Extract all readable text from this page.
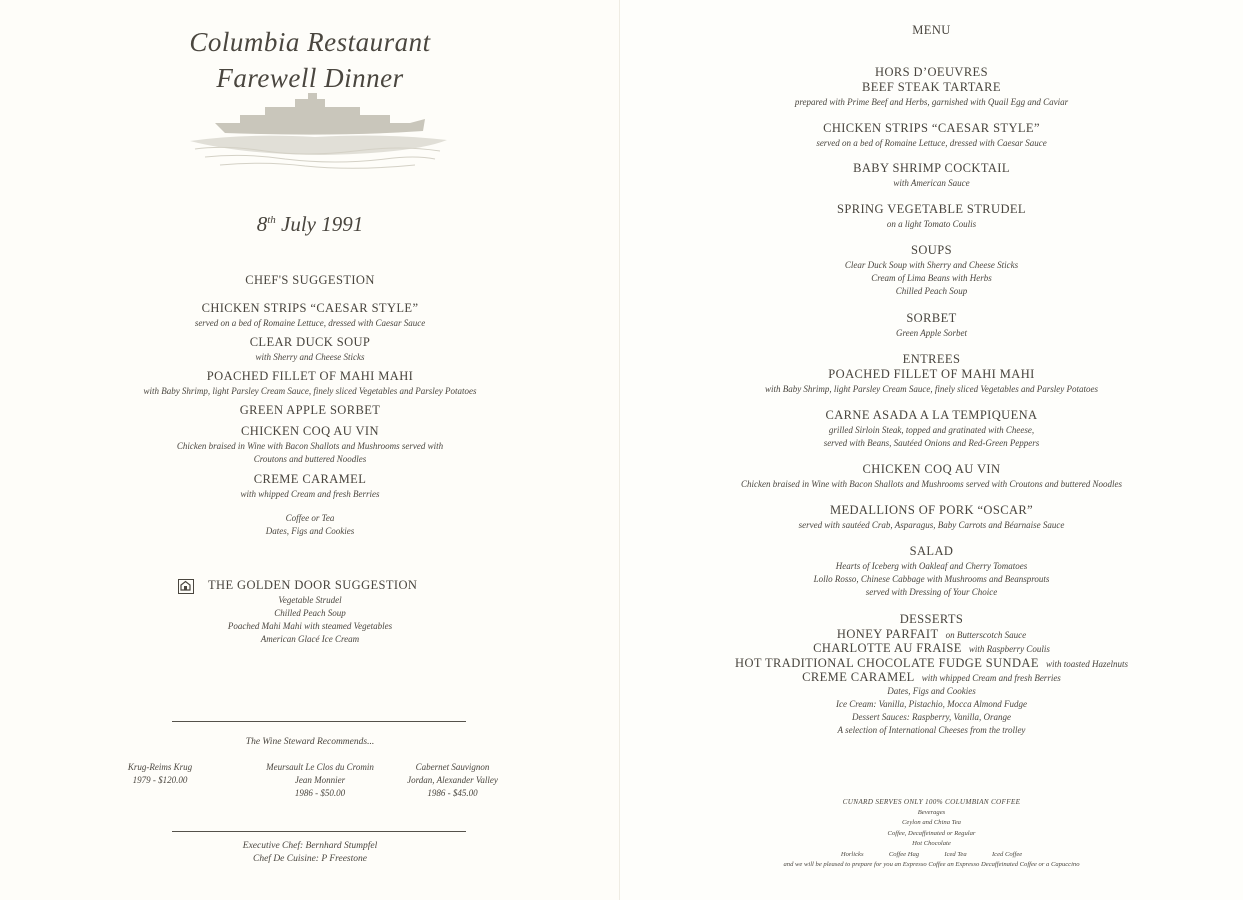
Columbia Restaurant
Farewell Dinner
8th July 1991
CHEF'S SUGGESTION
CHICKEN STRIPS “CAESAR STYLE”
served on a bed of Romaine Lettuce, dressed with Caesar Sauce
CLEAR DUCK SOUP
with Sherry and Cheese Sticks
POACHED FILLET OF MAHI MAHI
with Baby Shrimp, light Parsley Cream Sauce, finely sliced Vegetables and Parsley Potatoes
GREEN APPLE SORBET
CHICKEN COQ AU VIN
Chicken braised in Wine with Bacon Shallots and Mushrooms served with
Croutons and buttered Noodles
CREME CARAMEL
with whipped Cream and fresh Berries
Coffee or Tea
Dates, Figs and Cookies
THE GOLDEN DOOR SUGGESTION
Vegetable Strudel
Chilled Peach Soup
Poached Mahi Mahi with steamed Vegetables
American Glacé Ice Cream
The Wine Steward Recommends...
Krug-Reims Krug
1979 - $120.00
Meursault Le Clos du Cromin
Jean Monnier
1986 - $50.00
Cabernet Sauvignon
Jordan, Alexander Valley
1986 - $45.00
Executive Chef: Bernhard Stumpfel
Chef De Cuisine: P Freestone
MENU
HORS D’OEUVRES
BEEF STEAK TARTARE
prepared with Prime Beef and Herbs, garnished with Quail Egg and Caviar
CHICKEN STRIPS “CAESAR STYLE”
served on a bed of Romaine Lettuce, dressed with Caesar Sauce
BABY SHRIMP COCKTAIL
with American Sauce
SPRING VEGETABLE STRUDEL
on a light Tomato Coulis
SOUPS
Clear Duck Soup with Sherry and Cheese Sticks
Cream of Lima Beans with Herbs
Chilled Peach Soup
SORBET
Green Apple Sorbet
ENTREES
POACHED FILLET OF MAHI MAHI
with Baby Shrimp, light Parsley Cream Sauce, finely sliced Vegetables and Parsley Potatoes
CARNE ASADA A LA TEMPIQUENA
grilled Sirloin Steak, topped and gratinated with Cheese,
served with Beans, Sautéed Onions and Red-Green Peppers
CHICKEN COQ AU VIN
Chicken braised in Wine with Bacon Shallots and Mushrooms served with Croutons and buttered Noodles
MEDALLIONS OF PORK “OSCAR”
served with sautéed Crab, Asparagus, Baby Carrots and Béarnaise Sauce
SALAD
Hearts of Iceberg with Oakleaf and Cherry Tomatoes
Lollo Rosso, Chinese Cabbage with Mushrooms and Beansprouts
served with Dressing of Your Choice
DESSERTS
HONEY PARFAIT on Butterscotch Sauce
CHARLOTTE AU FRAISE with Raspberry Coulis
HOT TRADITIONAL CHOCOLATE FUDGE SUNDAE with toasted Hazelnuts
CREME CARAMEL with whipped Cream and fresh Berries
Dates, Figs and Cookies
Ice Cream: Vanilla, Pistachio, Mocca Almond Fudge
Dessert Sauces: Raspberry, Vanilla, Orange
A selection of International Cheeses from the trolley
CUNARD SERVES ONLY 100% COLUMBIAN COFFEE
Beverages
Ceylon and China Tea
Coffee, Decaffeinated or Regular
Hot Chocolate
Horlicks	Coffee Hag	Iced Tea	Iced Coffee
and we will be pleased to prepare for you an Expresso Coffee an Expresso Decaffeinated Coffee or a Capuccino
